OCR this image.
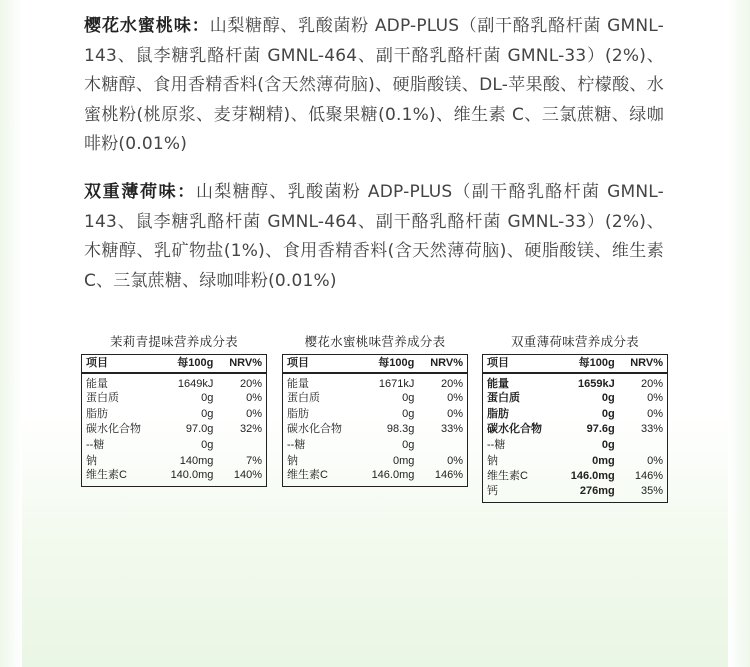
樱花水蜜桃味：山梨糖醇、乳酸菌粉 ADP-PLUS（副干酪乳酪杆菌 GMNL-143、鼠李糖乳酪杆菌 GMNL-464、副干酪乳酪杆菌 GMNL-33）(2%)、木糖醇、食用香精香料(含天然薄荷脑)、硬脂酸镁、DL-苹果酸、柠檬酸、水蜜桃粉(桃原浆、麦芽糊精)、低聚果糖(0.1%)、维生素 C、三氯蔗糖、绿咖啡粉(0.01%)

双重薄荷味：山梨糖醇、乳酸菌粉 ADP-PLUS（副干酪乳酪杆菌 GMNL-143、鼠李糖乳酪杆菌 GMNL-464、副干酪乳酪杆菌 GMNL-33）(2%)、木糖醇、乳矿物盐(1%)、食用香精香料(含天然薄荷脑)、硬脂酸镁、维生素 C、三氯蔗糖、绿咖啡粉(0.01%)

茉莉青提味营养成分表
项目	每100g	NRV%
能量	1649kJ	20%
蛋白质	0g	0%
脂肪	0g	0%
碳水化合物	97.0g	32%
--糖	0g	
钠	140mg	7%
维生素C	140.0mg	140%
樱花水蜜桃味营养成分表
项目	每100g	NRV%
能量	1671kJ	20%
蛋白质	0g	0%
脂肪	0g	0%
碳水化合物	98.3g	33%
--糖	0g	
钠	0mg	0%
维生素C	146.0mg	146%
双重薄荷味营养成分表
项目	每100g	NRV%
能量	1659kJ	20%
蛋白质	0g	0%
脂肪	0g	0%
碳水化合物	97.6g	33%
--糖	0g	
钠	0mg	0%
维生素C	146.0mg	146%
钙	276mg	35%
